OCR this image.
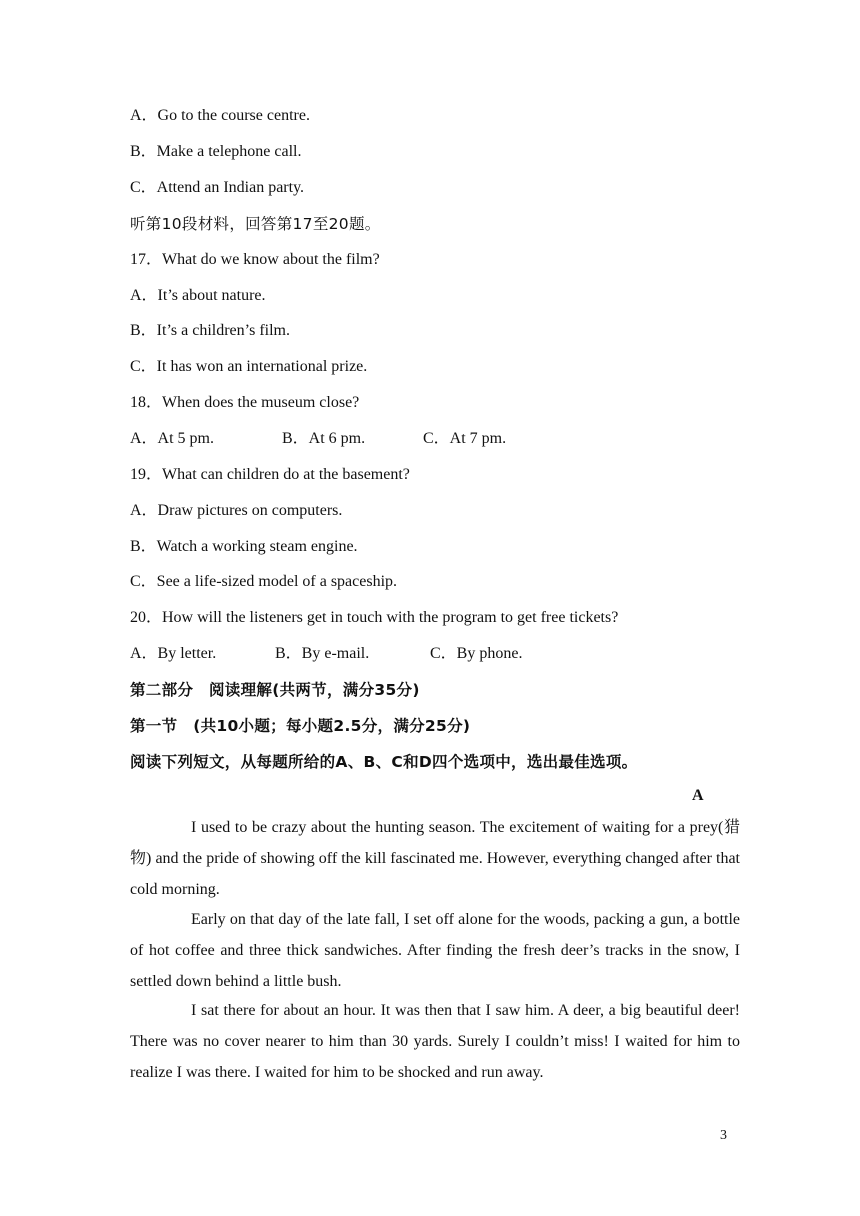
A．Go to the course centre.
B．Make a telephone call.
C．Attend an Indian party.
听第10段材料，回答第17至20题。
17．What do we know about the film?
A．It’s about nature.
B．It’s a children’s film.
C．It has won an international prize.
18．When does the museum close?
A．At 5 pm.	B．At 6 pm.	C．At 7 pm.
19．What can children do at the basement?
A．Draw pictures on computers.
B．Watch a working steam engine.
C．See a life-sized model of a spaceship.
20．How will the listeners get in touch with the program to get free tickets?
A．By letter.	B．By e-mail.	C．By phone.
第二部分　阅读理解(共两节，满分35分)
第一节　(共10小题；每小题2.5分，满分25分)
阅读下列短文，从每题所给的A、B、C和D四个选项中，选出最佳选项。
A

I used to be crazy about the hunting season. The excitement of waiting for a prey(猎物) and the pride of showing off the kill fascinated me. However, everything changed after that cold morning.

Early on that day of the late fall, I set off alone for the woods, packing a gun, a bottle of hot coffee and three thick sandwiches. After finding the fresh deer’s tracks in the snow, I settled down behind a little bush.

I sat there for about an hour. It was then that I saw him. A deer, a big beautiful deer! There was no cover nearer to him than 30 yards. Surely I couldn’t miss! I waited for him to realize I was there. I waited for him to be shocked and run away.

3
